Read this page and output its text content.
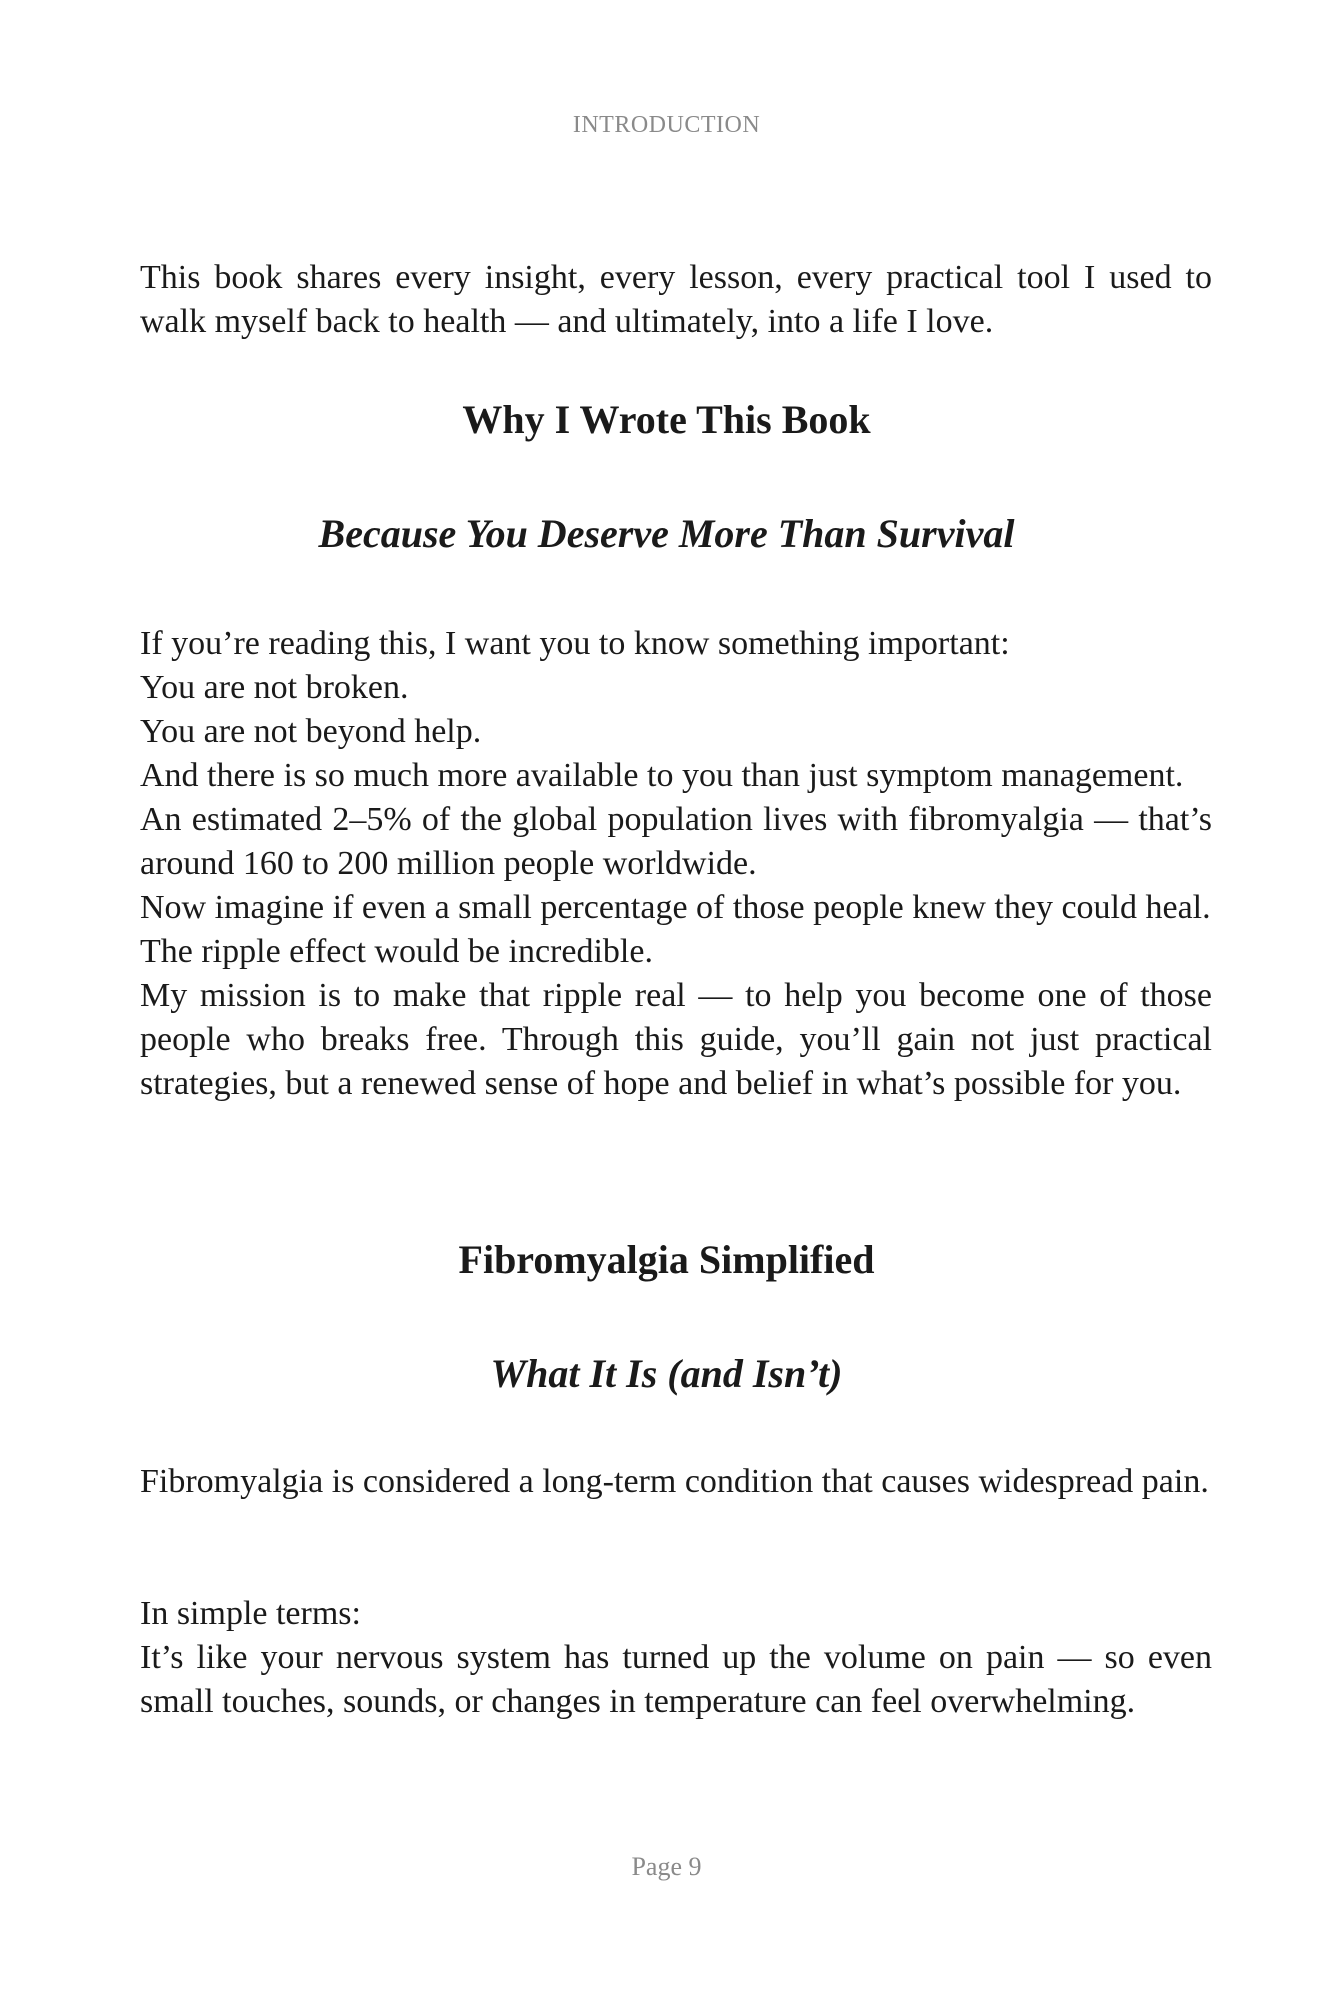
INTRODUCTION

This book shares every insight, every lesson, every practical tool I used to walk myself back to health — and ultimately, into a life I love.

Why I Wrote This Book
Because You Deserve More Than Survival
If you’re reading this, I want you to know something important:
You are not broken.
You are not beyond help.
And there is so much more available to you than just symptom management.
An estimated 2–5% of the global population lives with fibromyalgia — that’s around 160 to 200 million people worldwide.
Now imagine if even a small percentage of those people knew they could heal.
The ripple effect would be incredible.
My mission is to make that ripple real — to help you become one of those people who breaks free. Through this guide, you’ll gain not just practical strategies, but a renewed sense of hope and belief in what’s possible for you.
Fibromyalgia Simplified
What It Is (and Isn’t)

Fibromyalgia is considered a long-term condition that causes widespread pain.

In simple terms:
It’s like your nervous system has turned up the volume on pain — so even small touches, sounds, or changes in temperature can feel overwhelming.
Page 9
